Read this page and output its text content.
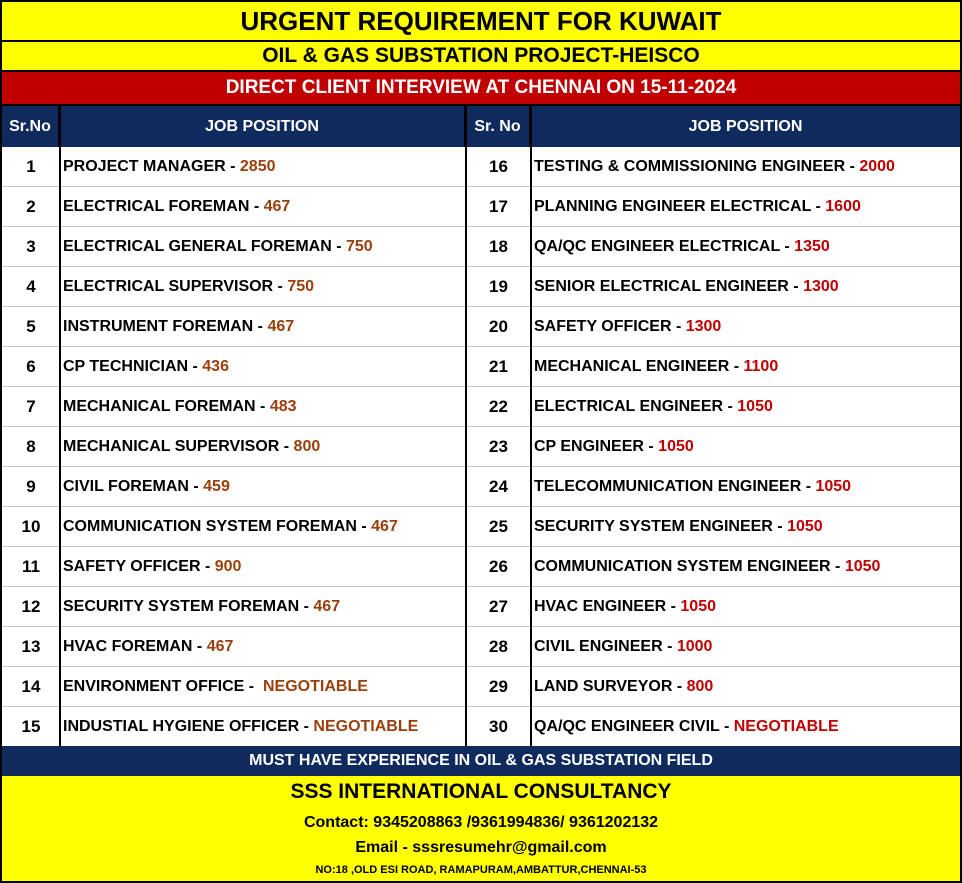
URGENT REQUIREMENT FOR KUWAIT
OIL & GAS SUBSTATION PROJECT-HEISCO
DIRECT CLIENT INTERVIEW AT CHENNAI ON 15-11-2024
Sr.No	JOB POSITION	Sr. No	JOB POSITION
1	PROJECT MANAGER - 2850	16	TESTING & COMMISSIONING ENGINEER - 2000
2	ELECTRICAL FOREMAN - 467	17	PLANNING ENGINEER ELECTRICAL - 1600
3	ELECTRICAL GENERAL FOREMAN - 750	18	QA/QC ENGINEER ELECTRICAL - 1350
4	ELECTRICAL SUPERVISOR - 750	19	SENIOR ELECTRICAL ENGINEER - 1300
5	INSTRUMENT FOREMAN - 467	20	SAFETY OFFICER - 1300
6	CP TECHNICIAN - 436	21	MECHANICAL ENGINEER - 1100
7	MECHANICAL FOREMAN - 483	22	ELECTRICAL ENGINEER - 1050
8	MECHANICAL SUPERVISOR - 800	23	CP ENGINEER - 1050
9	CIVIL FOREMAN - 459	24	TELECOMMUNICATION ENGINEER - 1050
10	COMMUNICATION SYSTEM FOREMAN - 467	25	SECURITY SYSTEM ENGINEER - 1050
11	SAFETY OFFICER - 900	26	COMMUNICATION SYSTEM ENGINEER - 1050
12	SECURITY SYSTEM FOREMAN - 467	27	HVAC ENGINEER - 1050
13	HVAC FOREMAN - 467	28	CIVIL ENGINEER - 1000
14	ENVIRONMENT OFFICE - NEGOTIABLE	29	LAND SURVEYOR - 800
15	INDUSTIAL HYGIENE OFFICER - NEGOTIABLE	30	QA/QC ENGINEER CIVIL - NEGOTIABLE
MUST HAVE EXPERIENCE IN OIL & GAS SUBSTATION FIELD
SSS INTERNATIONAL CONSULTANCY
Contact: 9345208863 /9361994836/ 9361202132
Email - sssresumehr@gmail.com
NO:18 ,OLD ESI ROAD, RAMAPURAM,AMBATTUR,CHENNAI-53
